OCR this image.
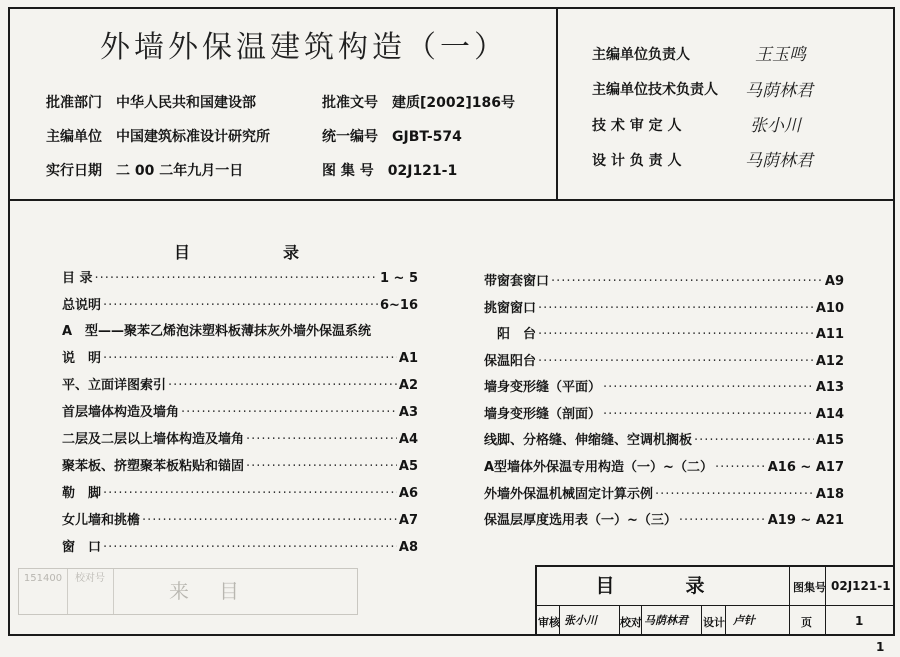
外墙外保温建筑构造（一）
批准部门 中华人民共和国建设部	批准文号 建质[2002]186号
主编单位 中国建筑标准设计研究所	统一编号 GJBT-574
实行日期 二 00 二年九月一日	图 集 号 02J121-1
主编单位负责人	王玉鸣
主编单位技术负责人 马荫林君
技 术 审 定 人	张小川
设 计 负 责 人	马荫林君
目	录
目 录 ·····	1 ~ 5
总说明 ·····	6~16
A　型——聚苯乙烯泡沫塑料板薄抹灰外墙外保温系统
说　明 ·····	A1
平、立面详图索引 ·····	A2
首层墙体构造及墙角 ·····	A3
二层及二层以上墙体构造及墙角 ·····	A4
聚苯板、挤塑聚苯板粘贴和锚固 ·····	A5
勒　脚 ·····	A6
女儿墙和挑檐 ·····	A7
窗　口 ·····	A8
带窗套窗口 ·····	A9
挑窗窗口 ·····	A10
　阳　台 ·····	A11
保温阳台 ·····	A12
墙身变形缝（平面） ·····	A13
墙身变形缝（剖面） ·····	A14
线脚、分格缝、伸缩缝、空调机搁板 ·····	A15
A型墙体外保温专用构造（一）~（二） ·····	A16 ~ A17
外墙外保温机械固定计算示例 ·····	A18
保温层厚度选用表（一）~（三） ·····	A19 ~ A21
151400	校对号
来目	目　录	图集号 02J121-1
审核 张小川 校对 马荫林君 设计 卢针	页	1
1
